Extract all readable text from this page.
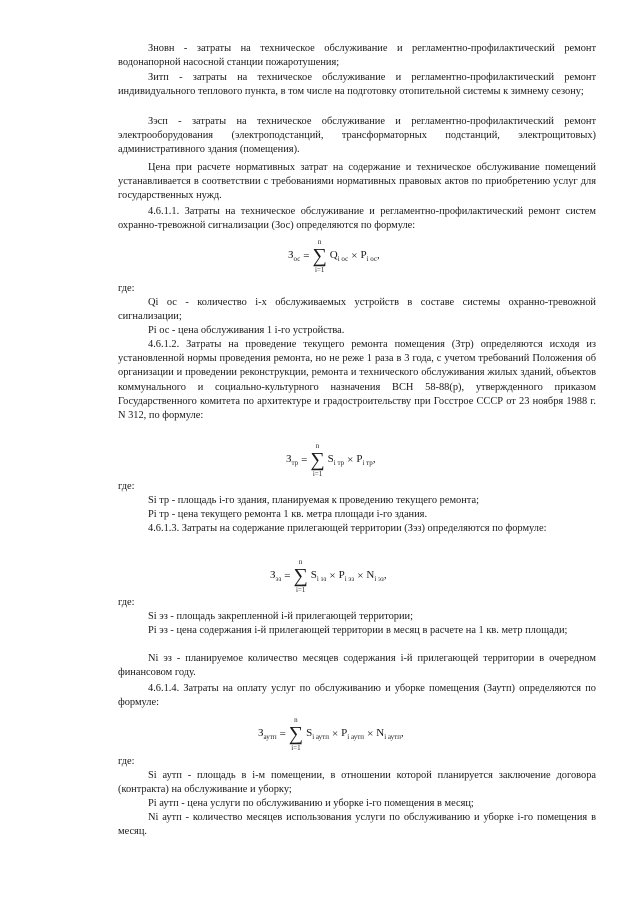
Зновн - затраты на техническое обслуживание и регламентно-профилактический ремонт водонапорной насосной станции пожаротушения;

Зитп - затраты на техническое обслуживание и регламентно-профилактический ремонт индивидуального теплового пункта, в том числе на подготовку отопительной системы к зимнему сезону;

Зэсп - затраты на техническое обслуживание и регламентно-профилактический ремонт электрооборудования (электроподстанций, трансформаторных подстанций, электрощитовых) административного здания (помещения).

Цена при расчете нормативных затрат на содержание и техническое обслуживание помещений устанавливается в соответствии с требованиями нормативных правовых актов по приобретению услуг для государственных нужд.

4.6.1.1. Затраты на техническое обслуживание и регламентно-профилактический ремонт систем охранно-тревожной сигнализации (Зос) определяются по формуле:

$З_{ос}$ =
n
∑
i=1
$Q_{i ос} \times P_{i ос}$,
где:

Qi ос - количество i-х обслуживаемых устройств в составе системы охранно-тревожной сигнализации;

Pi ос - цена обслуживания 1 i-го устройства.

4.6.1.2. Затраты на проведение текущего ремонта помещения (Зтр) определяются исходя из установленной нормы проведения ремонта, но не реже 1 раза в 3 года, с учетом требований Положения об организации и проведении реконструкции, ремонта и технического обслуживания жилых зданий, объектов коммунального и социально-культурного назначения ВСН 58-88(р), утвержденного приказом Государственного комитета по архитектуре и градостроительству при Госстрое СССР от 23 ноября 1988 г. N 312, по формуле:

$З_{тр}$ =
n
∑
i=1
$S_{i тр} \times P_{i тр}$,
где:

Si тр - площадь i-го здания, планируемая к проведению текущего ремонта;

Pi тр - цена текущего ремонта 1 кв. метра площади i-го здания.

4.6.1.3. Затраты на содержание прилегающей территории (Зэз) определяются по формуле:

$З_{эз}$ =
n
∑
i=1
$S_{i эз} \times P_{i эз} \times N_{i эз}$,
где:

Si эз - площадь закрепленной i-й прилегающей территории;

Pi эз - цена содержания i-й прилегающей территории в месяц в расчете на 1 кв. метр площади;

Ni эз - планируемое количество месяцев содержания i-й прилегающей территории в очередном финансовом году.

4.6.1.4. Затраты на оплату услуг по обслуживанию и уборке помещения (Заутп) определяются по формуле:

$З_{аутп}$ =
n
∑
i=1
$S_{i аутп} \times P_{i аутп} \times N_{i аутп}$,
где:

Si аутп - площадь в i-м помещении, в отношении которой планируется заключение договора (контракта) на обслуживание и уборку;

Pi аутп - цена услуги по обслуживанию и уборке i-го помещения в месяц;

Ni аутп - количество месяцев использования услуги по обслуживанию и уборке i-го помещения в месяц.
